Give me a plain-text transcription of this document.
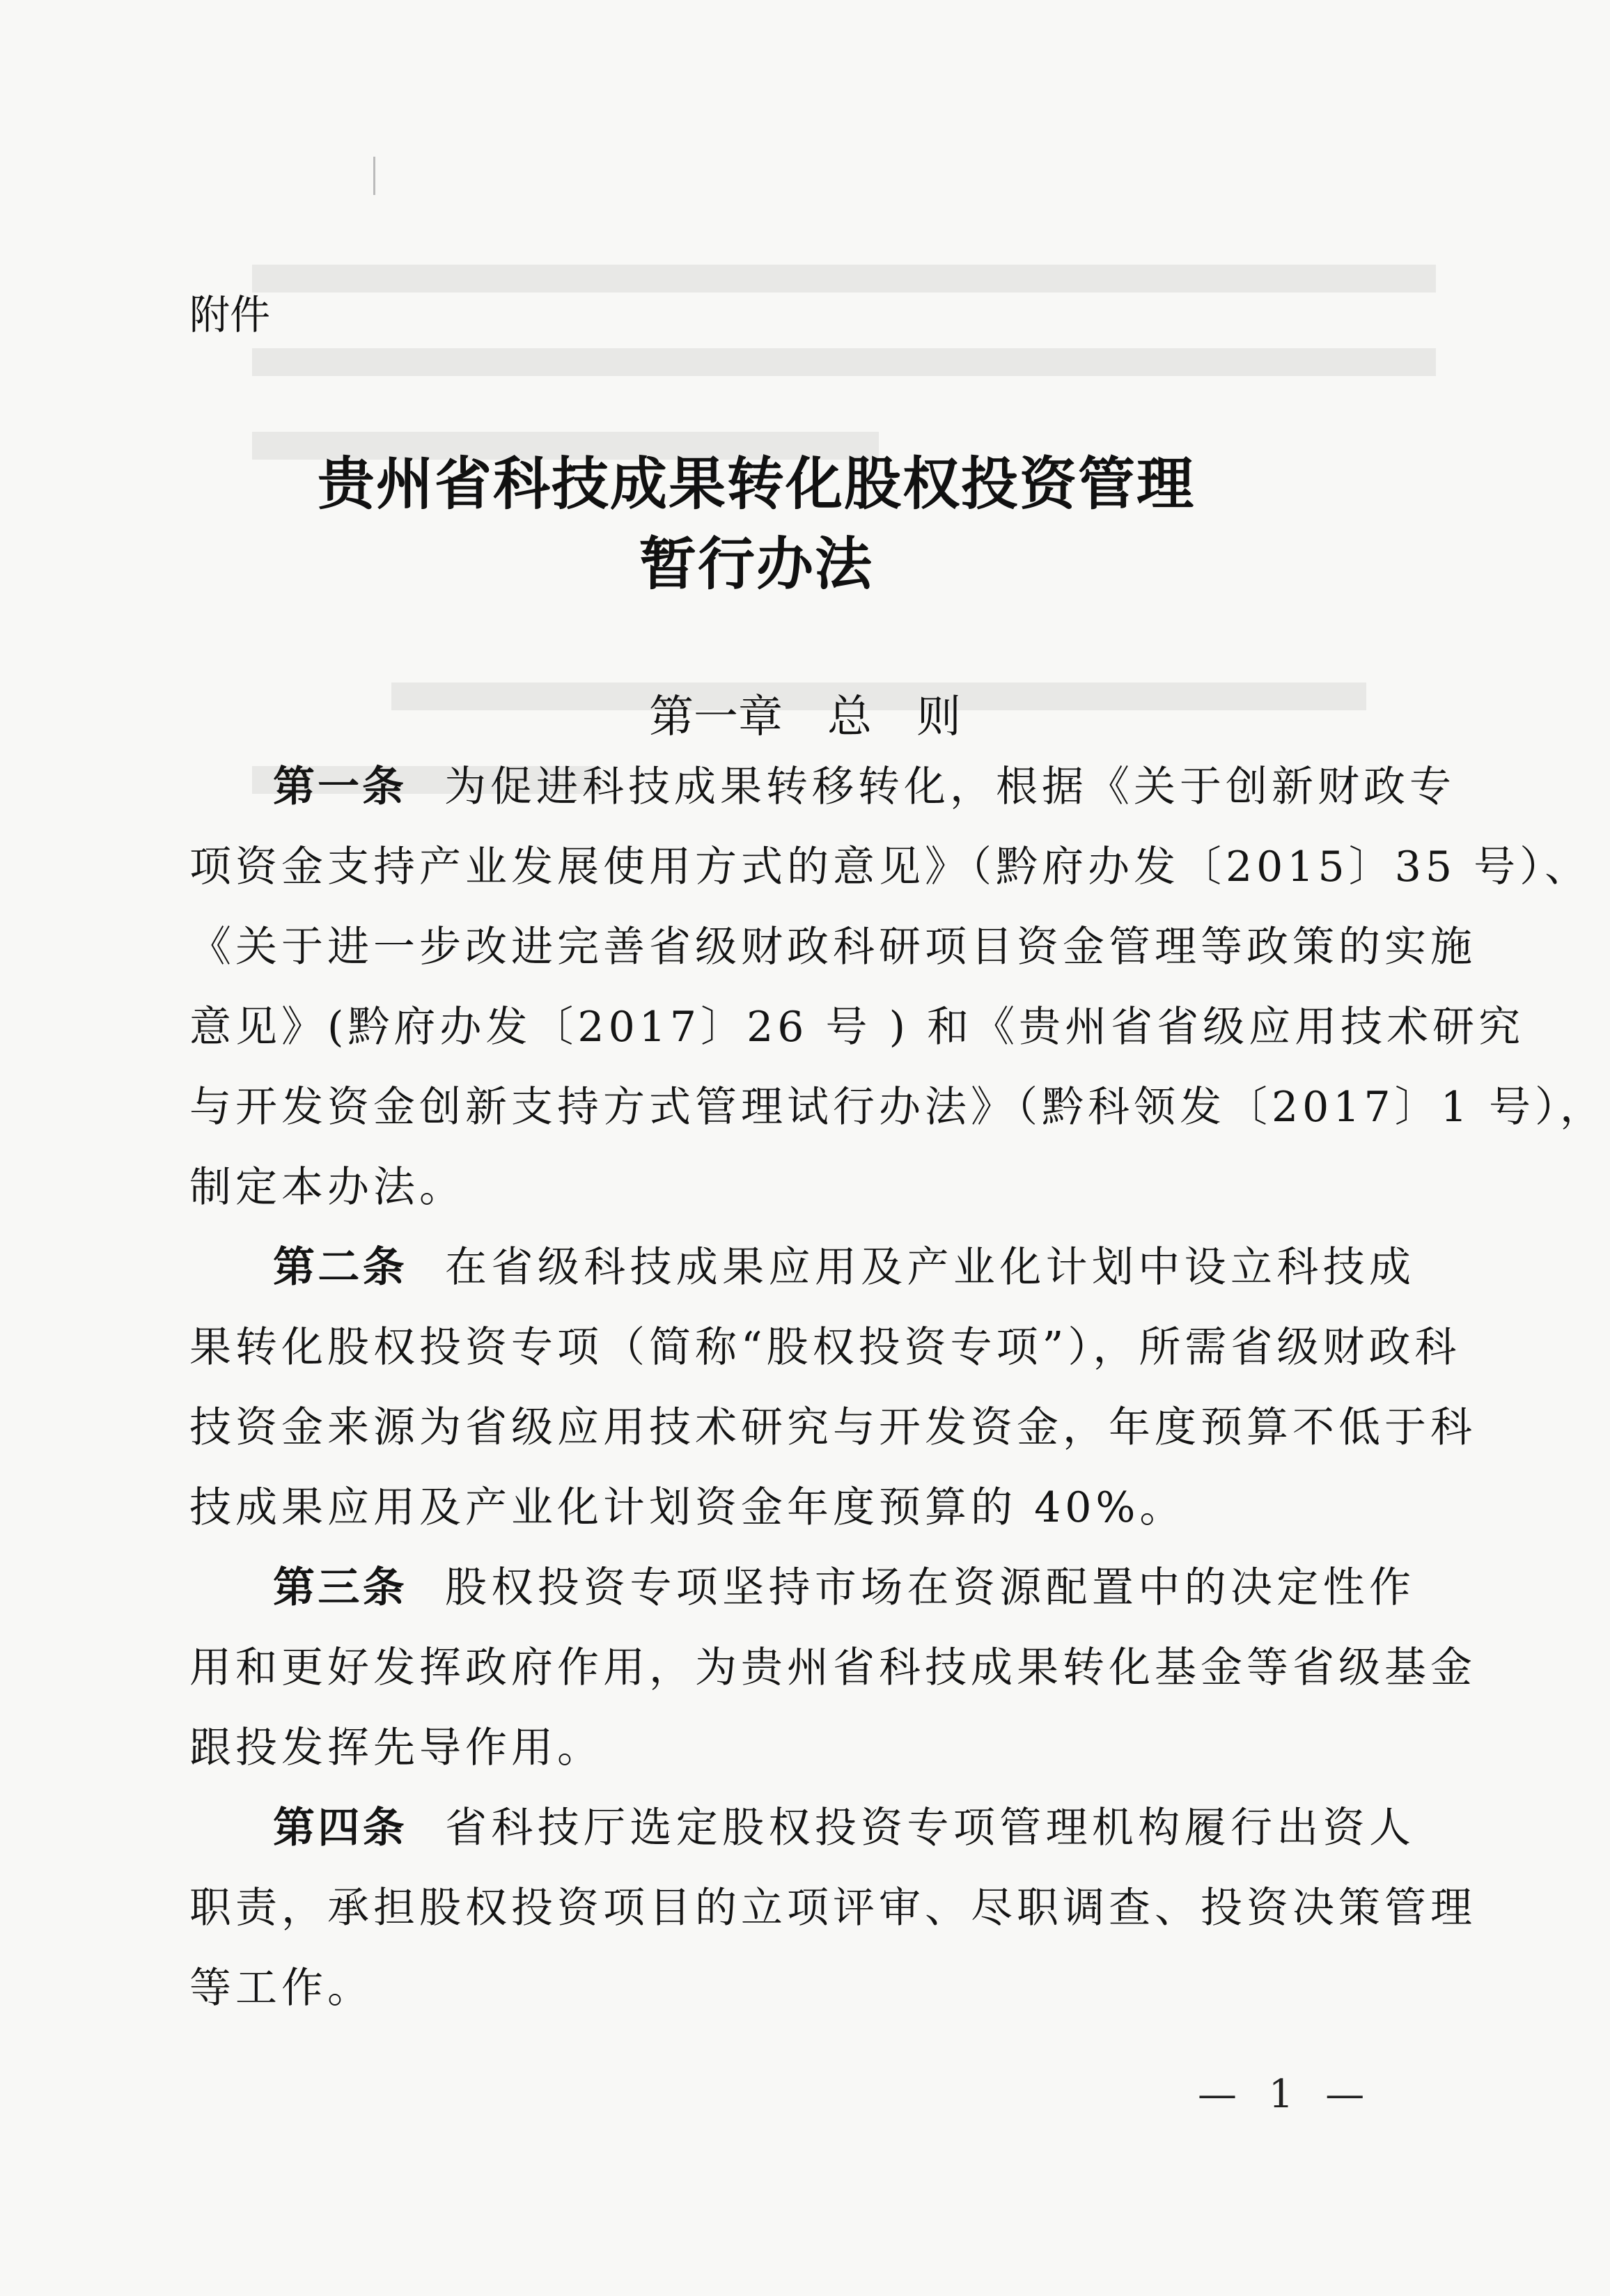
附件
贵州省科技成果转化股权投资管理
暂行办法
第一章　总　则
第一条 为促进科技成果转移转化，根据《关于创新财政专
项资金支持产业发展使用方式的意见》（黔府办发〔2015〕35 号）、
《关于进一步改进完善省级财政科研项目资金管理等政策的实施
意见》(黔府办发〔2017〕26 号 ) 和《贵州省省级应用技术研究
与开发资金创新支持方式管理试行办法》（黔科领发〔2017〕1 号），
制定本办法。
第二条 在省级科技成果应用及产业化计划中设立科技成
果转化股权投资专项（简称“股权投资专项”），所需省级财政科
技资金来源为省级应用技术研究与开发资金，年度预算不低于科
技成果应用及产业化计划资金年度预算的 40%。
第三条 股权投资专项坚持市场在资源配置中的决定性作
用和更好发挥政府作用，为贵州省科技成果转化基金等省级基金
跟投发挥先导作用。
第四条 省科技厅选定股权投资专项管理机构履行出资人
职责，承担股权投资项目的立项评审、尽职调查、投资决策管理
等工作。
— 1 —
